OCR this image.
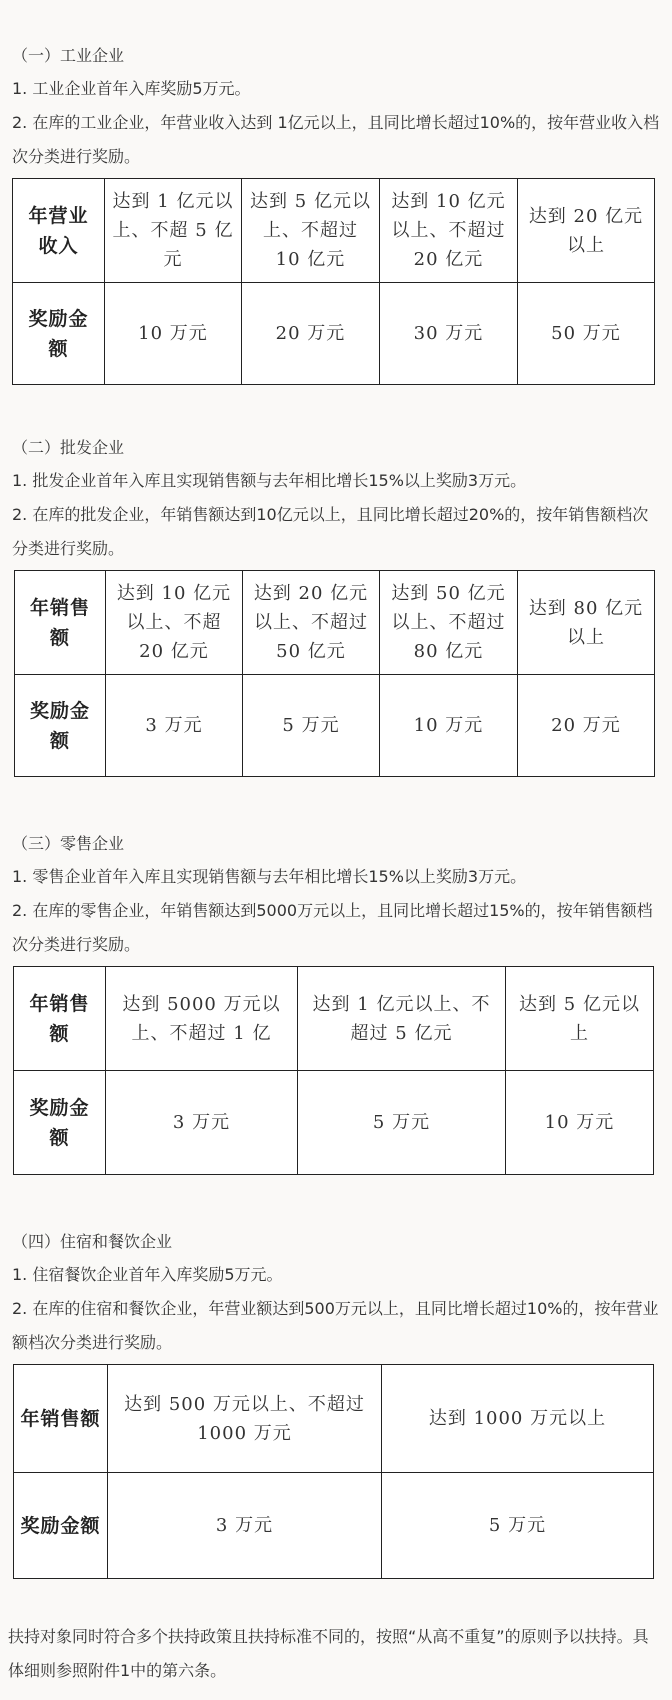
（一）工业企业

1. 工业企业首年入库奖励5万元。

2. 在库的工业企业，年营业收入达到 1亿元以上，且同比增长超过10%的，按年营业收入档次分类进行奖励。

年营业收入	达到 1 亿元以上、不超 5 亿元	达到 5 亿元以上、不超过 10 亿元	达到 10 亿元以上、不超过 20 亿元	达到 20 亿元以上
奖励金额	10 万元	20 万元	30 万元	50 万元

（二）批发企业

1. 批发企业首年入库且实现销售额与去年相比增长15%以上奖励3万元。

2. 在库的批发企业，年销售额达到10亿元以上，且同比增长超过20%的，按年销售额档次分类进行奖励。

年销售额	达到 10 亿元以上、不超 20 亿元	达到 20 亿元以上、不超过 50 亿元	达到 50 亿元以上、不超过 80 亿元	达到 80 亿元以上
奖励金额	3 万元	5 万元	10 万元	20 万元

（三）零售企业

1. 零售企业首年入库且实现销售额与去年相比增长15%以上奖励3万元。

2. 在库的零售企业，年销售额达到5000万元以上，且同比增长超过15%的，按年销售额档次分类进行奖励。

年销售额	达到 5000 万元以上、不超过 1 亿	达到 1 亿元以上、不超过 5 亿元	达到 5 亿元以上
奖励金额	3 万元	5 万元	10 万元

（四）住宿和餐饮企业

1. 住宿餐饮企业首年入库奖励5万元。

2. 在库的住宿和餐饮企业，年营业额达到500万元以上，且同比增长超过10%的，按年营业额档次分类进行奖励。

年销售额	达到 500 万元以上、不超过 1000 万元	达到 1000 万元以上
奖励金额	3 万元	5 万元

扶持对象同时符合多个扶持政策且扶持标准不同的，按照“从高不重复”的原则予以扶持。具体细则参照附件1中的第六条。
